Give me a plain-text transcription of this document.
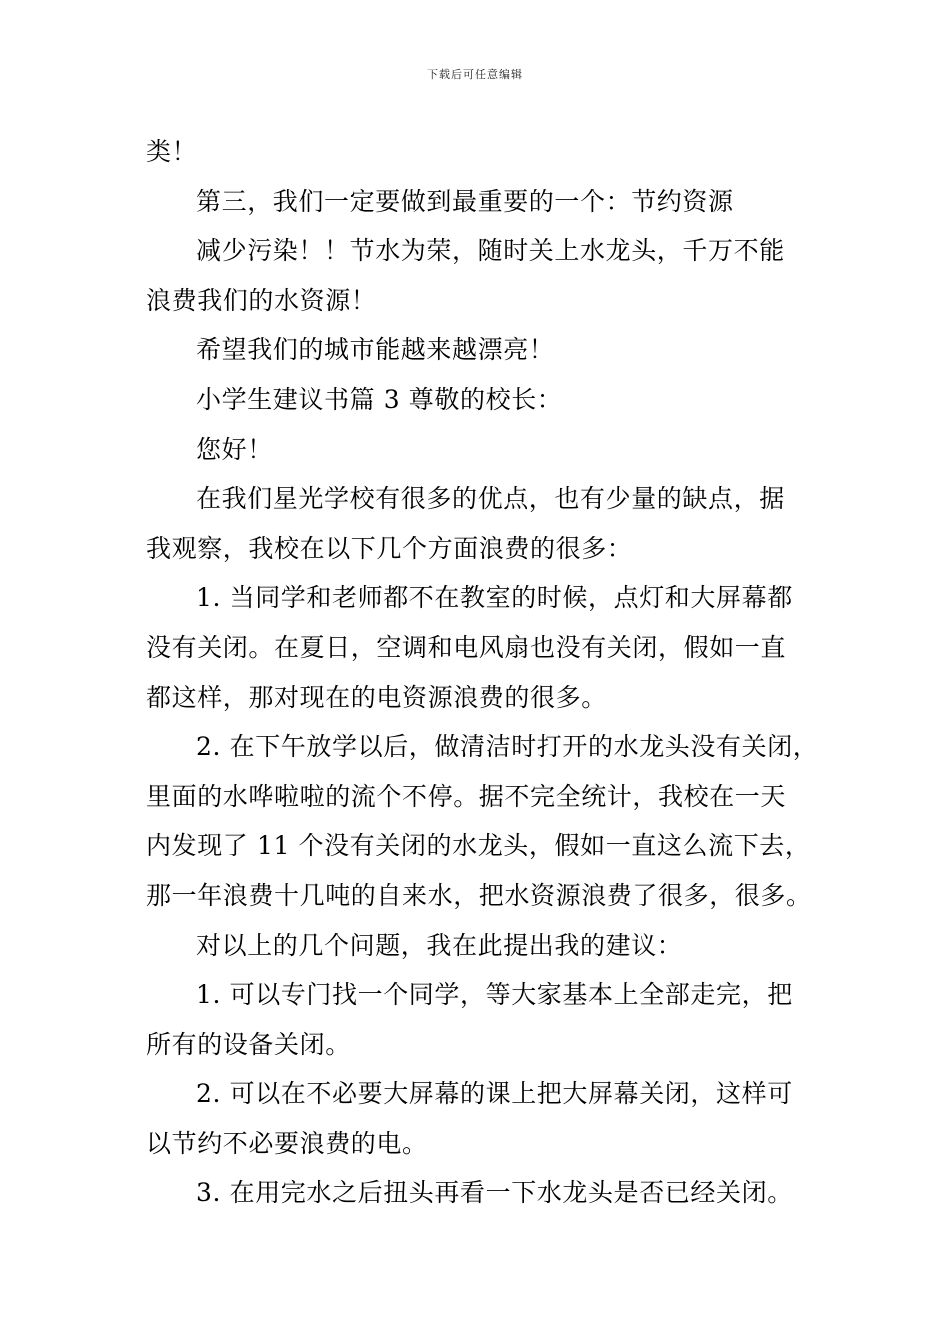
下载后可任意编辑
类！
第三，我们一定要做到最重要的一个：节约资源
减少污染！！节水为荣，随时关上水龙头，千万不能
浪费我们的水资源！
希望我们的城市能越来越漂亮！
小学生建议书篇 3 尊敬的校长：
您好！
在我们星光学校有很多的优点，也有少量的缺点，据
我观察，我校在以下几个方面浪费的很多：
1. 当同学和老师都不在教室的时候，点灯和大屏幕都
没有关闭。在夏日，空调和电风扇也没有关闭，假如一直
都这样，那对现在的电资源浪费的很多。
2. 在下午放学以后，做清洁时打开的水龙头没有关闭，
里面的水哗啦啦的流个不停。据不完全统计，我校在一天
内发现了 11 个没有关闭的水龙头，假如一直这么流下去，
那一年浪费十几吨的自来水，把水资源浪费了很多，很多。
对以上的几个问题，我在此提出我的建议：
1. 可以专门找一个同学，等大家基本上全部走完，把
所有的设备关闭。
2. 可以在不必要大屏幕的课上把大屏幕关闭，这样可
以节约不必要浪费的电。
3. 在用完水之后扭头再看一下水龙头是否已经关闭。
